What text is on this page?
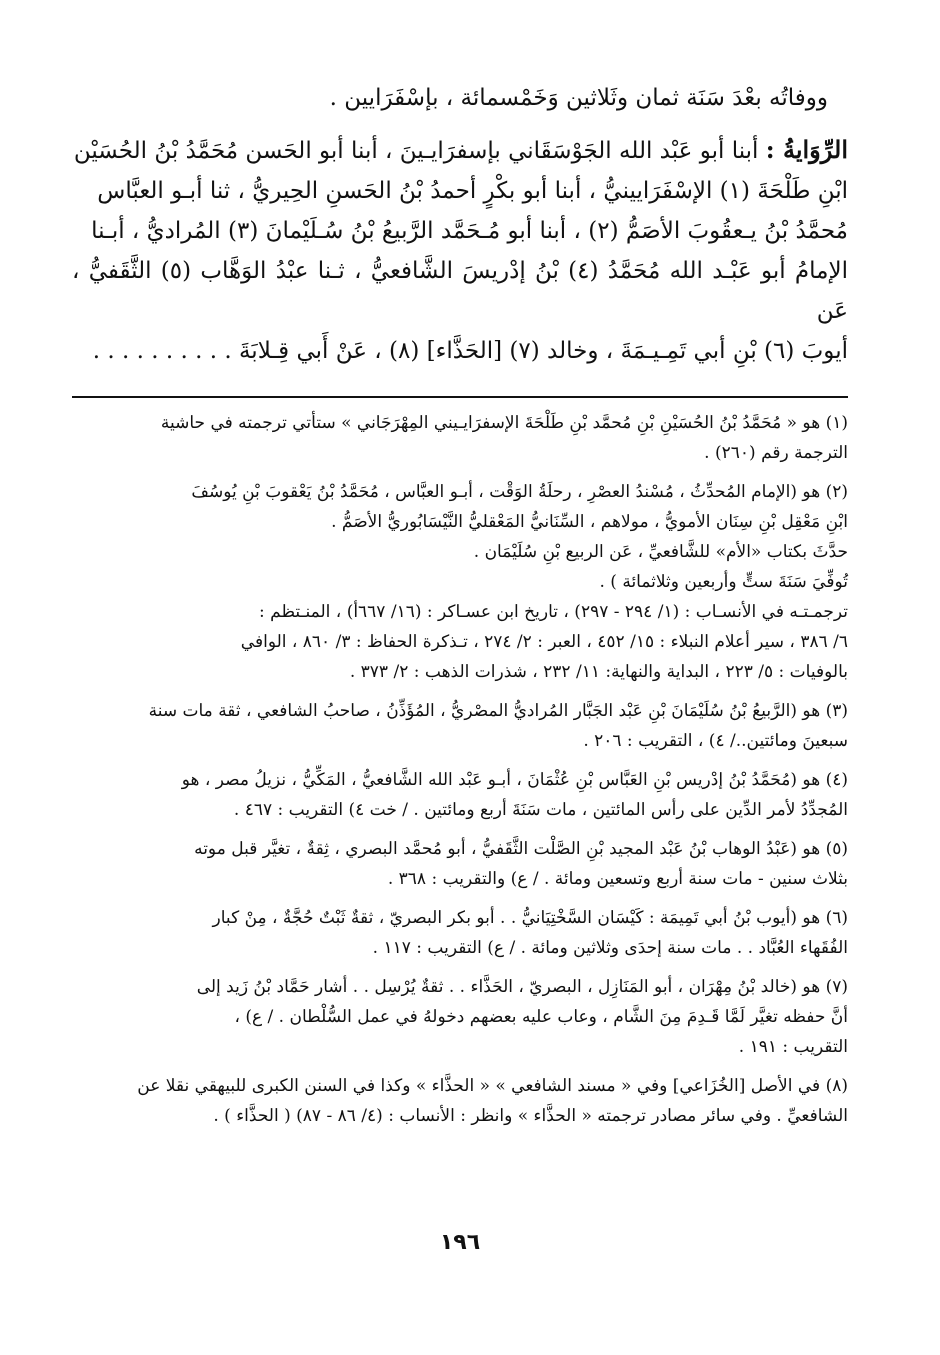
ووفاتُه بعْدَ سَنَة ثمان وثَلاثين وَخَمْسمائة ، بإسْفَرَايين .

الرِّوَايةُ : أبنا أبو عَبْد الله الجَوْسَقَاني بإسفرَايـينَ ، أبنا أبو الحَسن مُحَمَّدُ بْنُ الحُسَيْن

ابْنِ طَلْحَةَ (١) الإسْفَرَايينيُّ ، أبنا أبو بكْرٍ أحمدُ بْنُ الحَسنِ الحِيريُّ ، ثنا أبـو العبَّاس

مُحمَّدُ بْنُ يـعقُوبَ الأصَمُّ (٢) ، أبنا أبو مُـحَمَّد الرَّبيعُ بْنُ سُـلَيْمانَ (٣) المُراديُّ ، أبـنا

الإمامُ أبو عَبْـد الله مُحَمَّدُ (٤) بْنُ إدْريسَ الشَّافعيُّ ، ثـنا عبْدُ الوَهَّاب (٥) الثَّقَفيُّ ، عَن

أيوبَ (٦) بْنِ أبي تَمِـيـمَةَ ، وخالد (٧) [الحَذَّاء] (٨) ، عَنْ أَبي قِـلابَةَ . . . . . . . . . .

(١) هو « مُحَمَّدُ بْنُ الحُسَيْنِ بْنِ مُحمَّد بْنِ طَلْحَةَ الإسفرَايـيني المِهْرَجَاني » ستأتي ترجمته في حاشية
الترجمة رقم (٢٦٠) .
(٢) هو (الإمام المُحدِّثُ ، مُسْندُ العصْرِ ، رحلَةُ الوَقْت ، أبـو العبَّاس ، مُحَمَّدُ بْنُ يَعْقوبَ بْنِ يُوسُفَ
ابْنِ مَعْقِل بْنِ سِنَان الأمويُّ ، مولاهم ، السِّنَانيُّ المَعْقليُّ النَّيْسَابُوريُّ الأصَمُّ .
حدَّثَ بكتاب «الأم» للشَّافعيِّ ، عَن الربيع بْنِ سُلَيْمَان .
تُوفِّيَ سَنَةَ ستٍّ وأربعين وثلاثمائة ) .
ترجمـتـه في الأنسـاب : (١/ ٢٩٤ - ٢٩٧) ، تاريخ ابن عسـاكر : (١٦/ ٦٦٧أ) ، المنـتظم :
٦/ ٣٨٦ ، سير أعلام النبلاء : ١٥/ ٤٥٢ ، العبر : ٢/ ٢٧٤ ، تـذكرة الحفاظ : ٣/ ٨٦٠ ، الوافي
بالوفيات : ٥/ ٢٢٣ ، البداية والنهاية: ١١/ ٢٣٢ ، شذرات الذهب : ٢/ ٣٧٣ .
(٣) هو (الرَّبيعُ بْنُ سُلَيْمَانَ بْنِ عَبْد الجَبَّار المُراديُّ المصْريُّ ، المُؤَذِّنُ ، صاحبُ الشافعي ، ثقة مات سنة
سبعينَ ومائتين../ ٤) ، التقريب : ٢٠٦ .
(٤) هو (مُحَمَّدُ بْنُ إدْريس بْنِ العَبَّاس بْنِ عُثْمَانَ ، أبـو عَبْد الله الشَّافعيُّ ، المَكِّيُّ ، نزيلُ مصر ، هو
المُجدِّدُ لأمر الدِّين على رأس المائتين ، مات سَنَةَ أربع ومائتين . / خت ٤) التقريب : ٤٦٧ .
(٥) هو (عَبْدُ الوهاب بْنُ عَبْد المجيد بْنِ الصَّلْت الثَّقَفيُّ ، أبو مُحمَّد البصري ، ثِقةٌ ، تغيَّر قبل موته
بثلاث سنين - مات سنة أربع وتسعين ومائة . / ع) والتقريب : ٣٦٨ .
(٦) هو (أيوب بْنُ أبي تَمِيمَة : كَيْسَان السَّخْتِيَانيُّ . . أبو بكر البصريّ ، ثقةٌ ثَبْتٌ حُجَّةٌ ، مِنْ كبار
الفُقَهاء العُبَّاد . . مات سنة إحدَى وثلاثين ومائة . / ع) التقريب : ١١٧ .
(٧) هو (خالد بْنُ مِهْرَان ، أبو المَنَازِل ، البصريّ ، الحَذَّاء . . ثقةٌ يُرْسِل . . أشار حَمَّاد بْنُ زَيد إلى
أنَّ حفظه تغيَّر لَمَّا قَـدِمَ مِنَ الشَّام ، وعاب عليه بعضهم دخولهُ في عمل السُّلْطان . / ع) ،
التقريب : ١٩١ .
(٨) في الأصل [الخُزَاعي] وفي « مسند الشافعي » « الحذَّاء » وكذا في السنن الكبرى للبيهقي نقلا عن
الشافعيِّ . وفي سائر مصادر ترجمته « الحذَّاء » وانظر : الأنساب : (٤/ ٨٦ - ٨٧) ( الحذَّاء ) .
١٩٦
